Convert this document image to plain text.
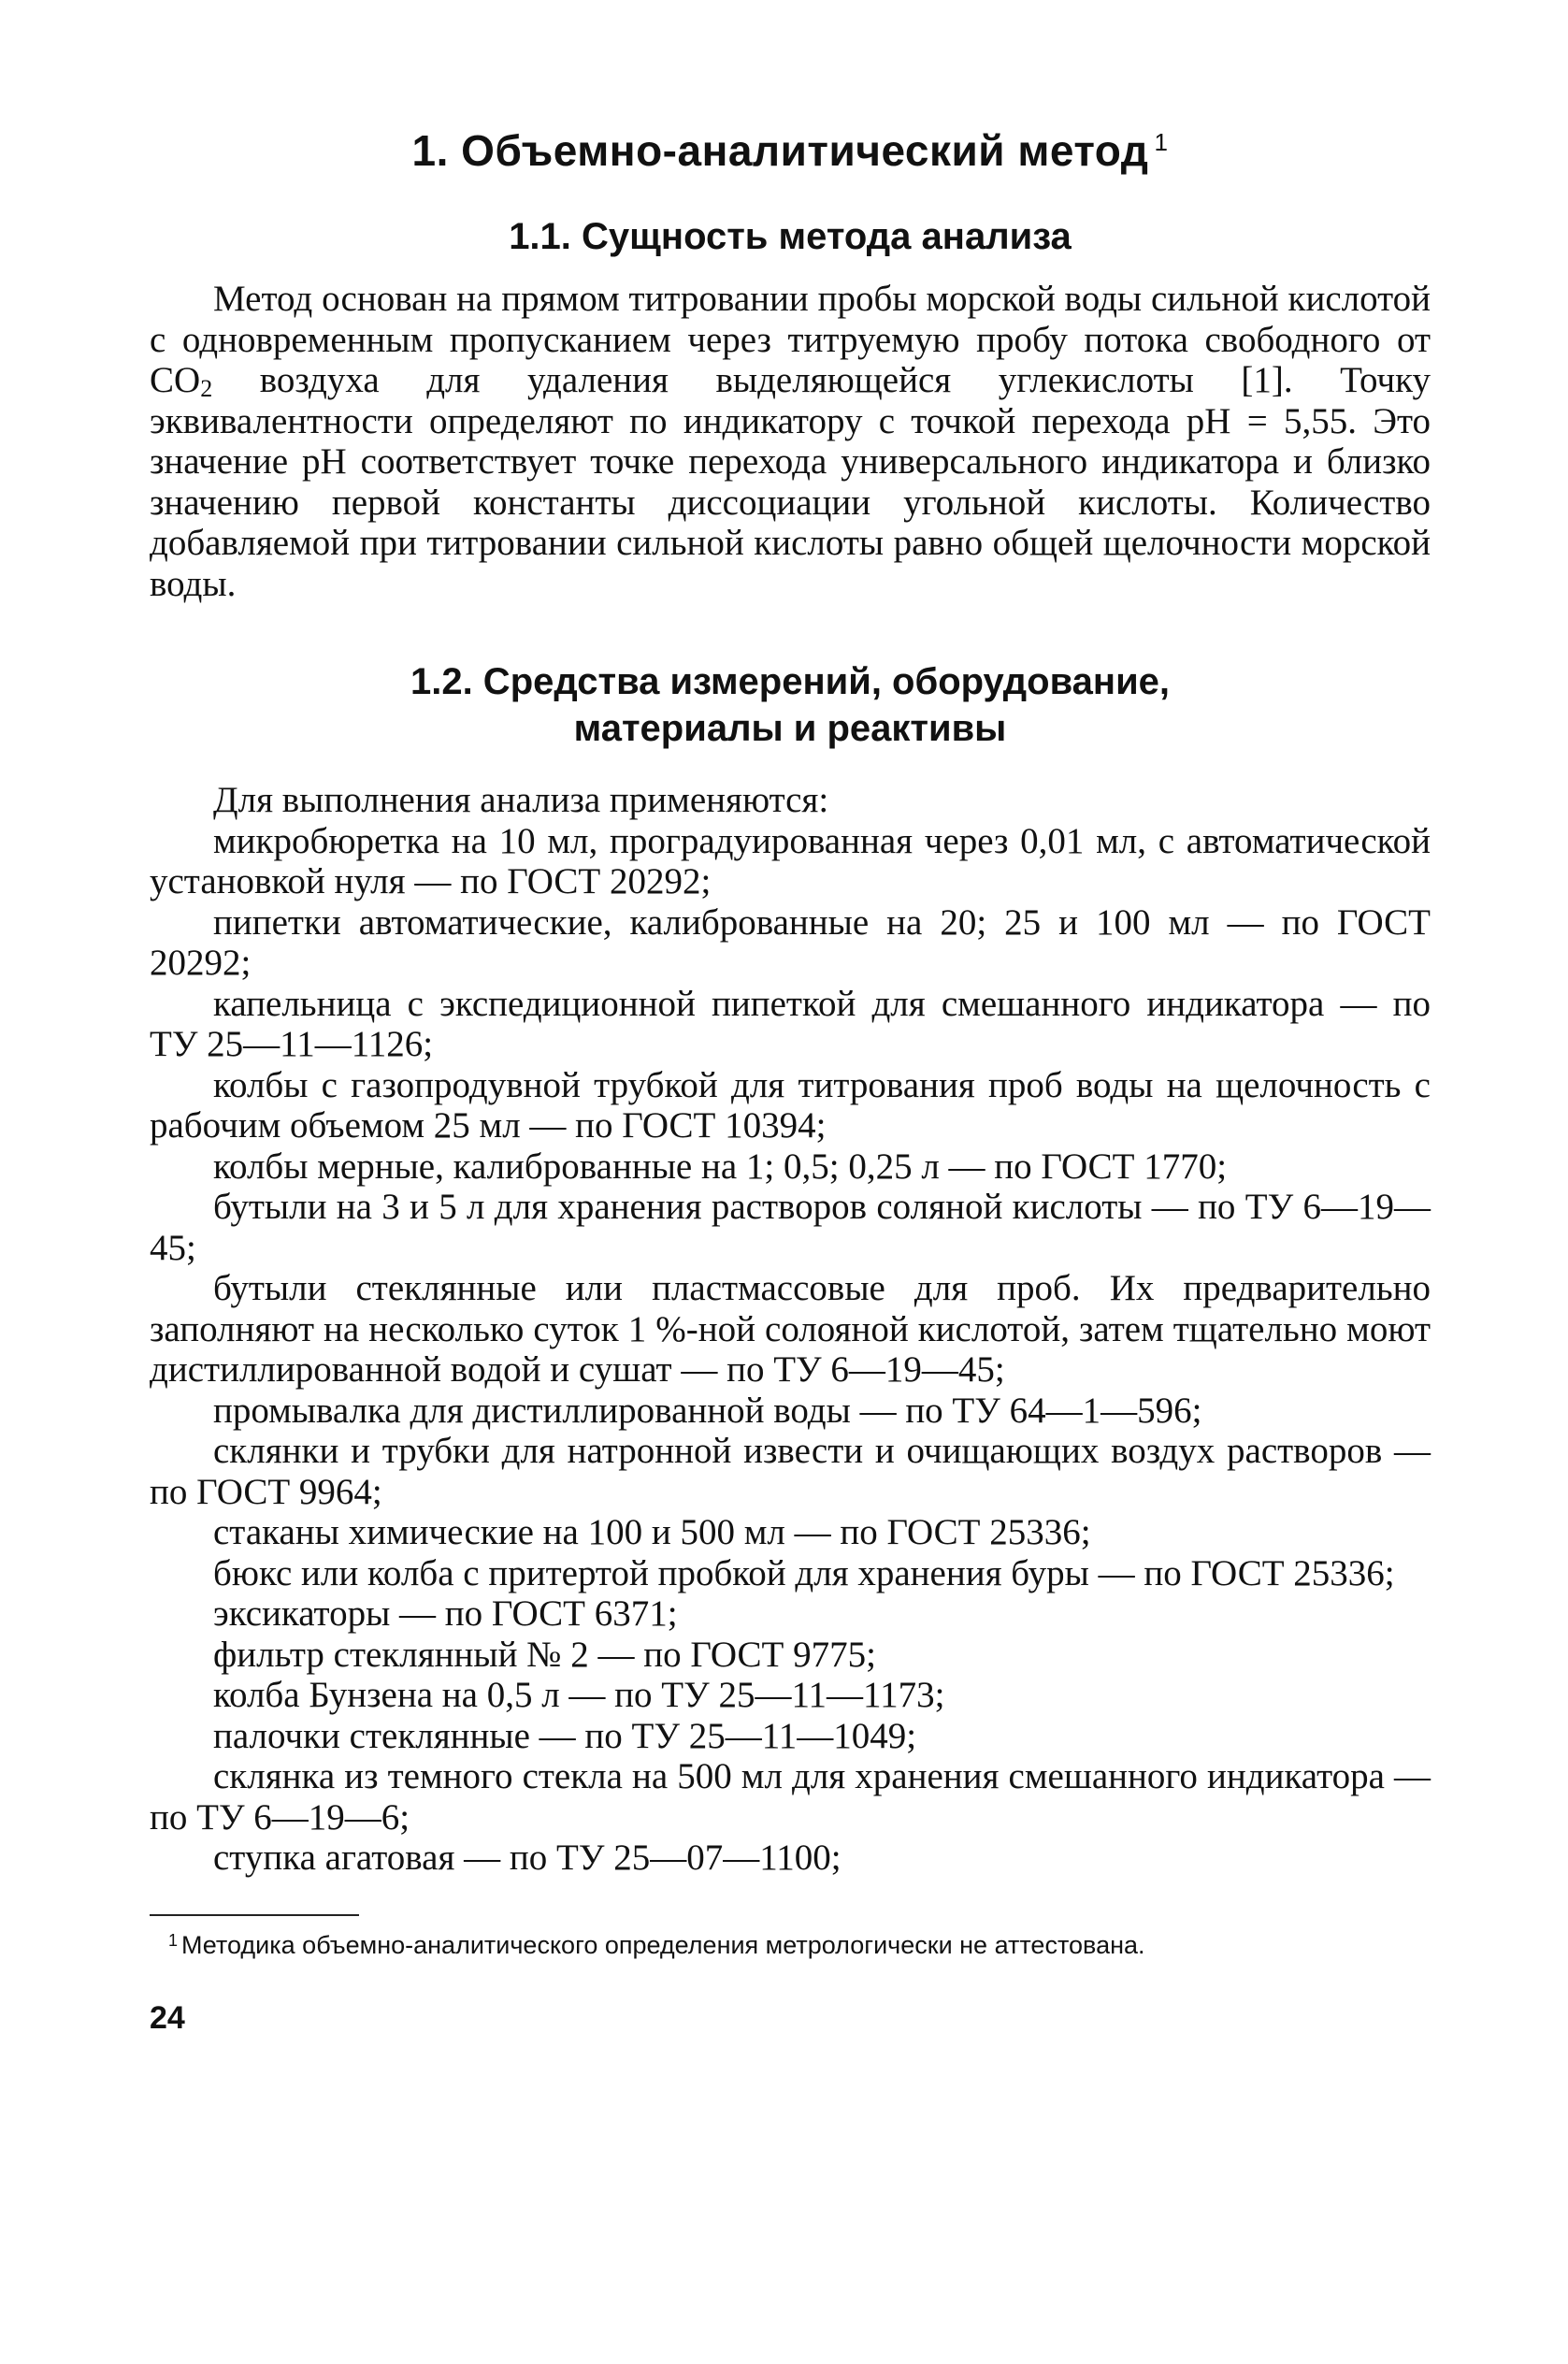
1. Объемно-аналитический метод $^1$
1.1. Сущность метода анализа

Метод основан на прямом титровании пробы морской воды сильной кислотой с одновременным пропусканием через титруемую пробу потока свободного от $CO_2$ воздуха для удаления выделяющейся углекислоты [1]. Точку эквивалентности определяют по индикатору с точкой перехода pH = 5,55. Это значение pH соответствует точке перехода универсального индикатора и близко значению первой константы диссоциации угольной кислоты. Количество добавляемой при титровании сильной кислоты равно общей щелочности морской воды.

1.2. Средства измерений, оборудование,
материалы и реактивы

Для выполнения анализа применяются:

микробюретка на 10 мл, проградуированная через 0,01 мл, с автоматической установкой нуля — по ГОСТ 20292;

пипетки автоматические, калиброванные на 20; 25 и 100 мл — по ГОСТ 20292;

капельница с экспедиционной пипеткой для смешанного индикатора — по ТУ 25—11—1126;

колбы с газопродувной трубкой для титрования проб воды на щелочность с рабочим объемом 25 мл — по ГОСТ 10394;

колбы мерные, калиброванные на 1; 0,5; 0,25 л — по ГОСТ 1770;

бутыли на 3 и 5 л для хранения растворов соляной кислоты — по ТУ 6—19—45;

бутыли стеклянные или пластмассовые для проб. Их предварительно заполняют на несколько суток 1 %-ной солояной кислотой, затем тщательно моют дистиллированной водой и сушат — по ТУ 6—19—45;

промывалка для дистиллированной воды — по ТУ 64—1—596;

склянки и трубки для натронной извести и очищающих воздух растворов — по ГОСТ 9964;

стаканы химические на 100 и 500 мл — по ГОСТ 25336;

бюкс или колба с притертой пробкой для хранения буры — по ГОСТ 25336;

эксикаторы — по ГОСТ 6371;

фильтр стеклянный № 2 — по ГОСТ 9775;

колба Бунзена на 0,5 л — по ТУ 25—11—1173;

палочки стеклянные — по ТУ 25—11—1049;

склянка из темного стекла на 500 мл для хранения смешанного индикатора — по ТУ 6—19—6;

ступка агатовая — по ТУ 25—07—1100;

$^1$ Методика объемно-аналитического определения метрологически не аттестована.

24
